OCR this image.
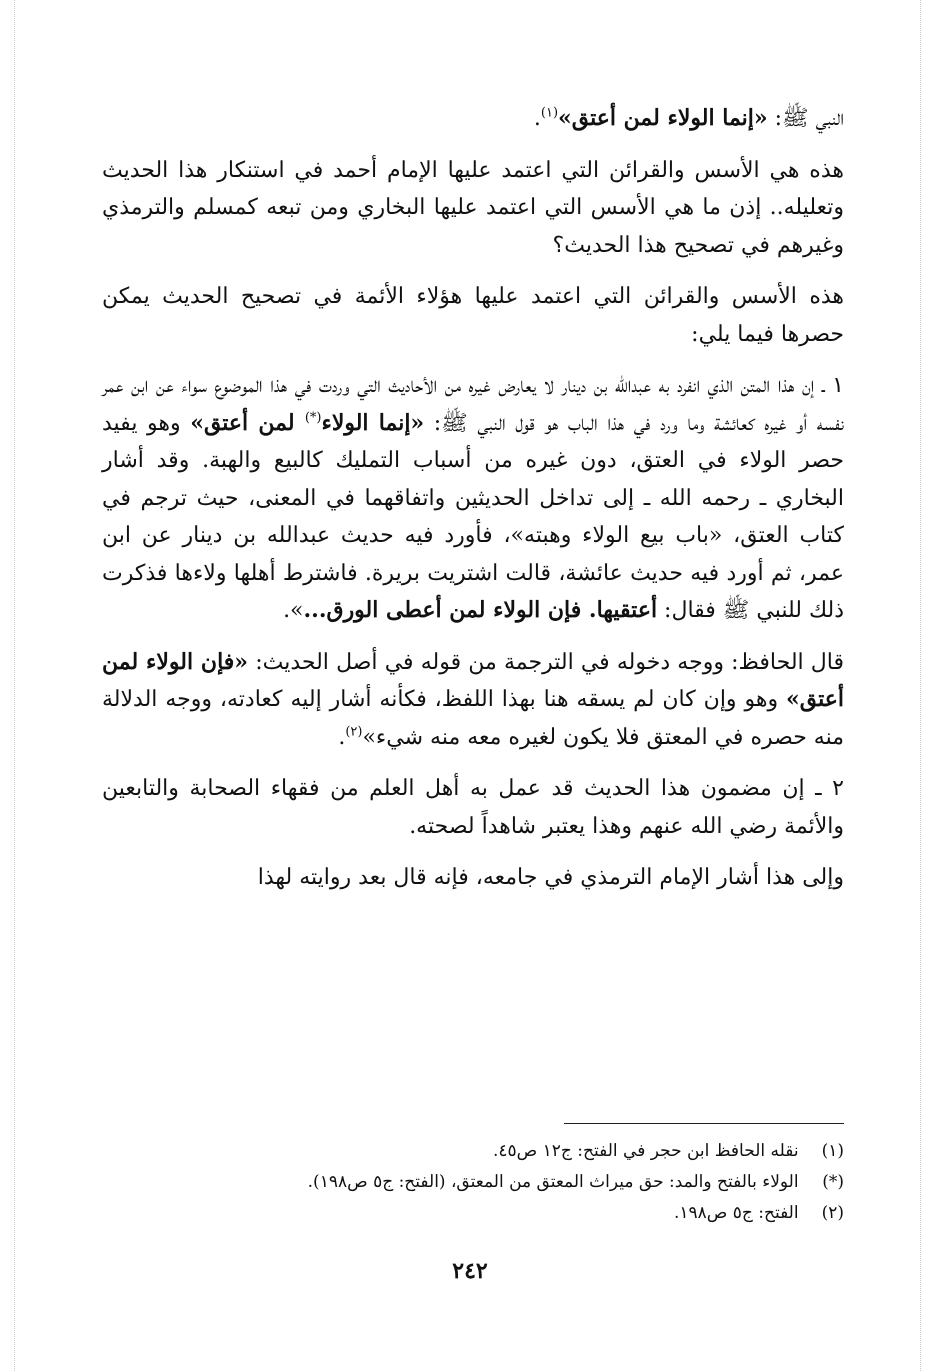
النبي ﷺ: «إنما الولاء لمن أعتق»$^{(١)}$.

هذه هي الأسس والقرائن التي اعتمد عليها الإمام أحمد في استنكار هذا الحديث وتعليله.. إذن ما هي الأسس التي اعتمد عليها البخاري ومن تبعه كمسلم والترمذي وغيرهم في تصحيح هذا الحديث؟

هذه الأسس والقرائن التي اعتمد عليها هؤلاء الأئمة في تصحيح الحديث يمكن حصرها فيما يلي:

١ ـ إن هذا المتن الذي انفرد به عبدالله بن دينار لا يعارض غيره من الأحاديث التي وردت في هذا الموضوع سواء عن ابن عمر نفسه أو غيره كعائشة وما ورد في هذا الباب هو قول النبي ﷺ: «إنما الولاء(*) لمن أعتق» وهو يفيد حصر الولاء في العتق، دون غيره من أسباب التمليك كالبيع والهبة. وقد أشار البخاري ـ رحمه الله ـ إلى تداخل الحديثين واتفاقهما في المعنى، حيث ترجم في كتاب العتق، «باب بيع الولاء وهبته»، فأورد فيه حديث عبدالله بن دينار عن ابن عمر، ثم أورد فيه حديث عائشة، قالت اشتريت بريرة. فاشترط أهلها ولاءها فذكرت ذلك للنبي ﷺ فقال: أعتقيها. فإن الولاء لمن أعطى الورق...».

قال الحافظ: ووجه دخوله في الترجمة من قوله في أصل الحديث: «فإن الولاء لمن أعتق» وهو وإن كان لم يسقه هنا بهذا اللفظ، فكأنه أشار إليه كعادته، ووجه الدلالة منه حصره في المعتق فلا يكون لغيره معه منه شيء»$^{(٢)}$.

٢ ـ إن مضمون هذا الحديث قد عمل به أهل العلم من فقهاء الصحابة والتابعين والأئمة رضي الله عنهم وهذا يعتبر شاهداً لصحته.

وإلى هذا أشار الإمام الترمذي في جامعه، فإنه قال بعد روايته لهذا

(١) نقله الحافظ ابن حجر في الفتح: ج١٢ ص٤٥.

(*) الولاء بالفتح والمد: حق ميراث المعتق من المعتق، (الفتح: ج٥ ص١٩٨).

(٢) الفتح: ج٥ ص١٩٨.

٢٤٢
